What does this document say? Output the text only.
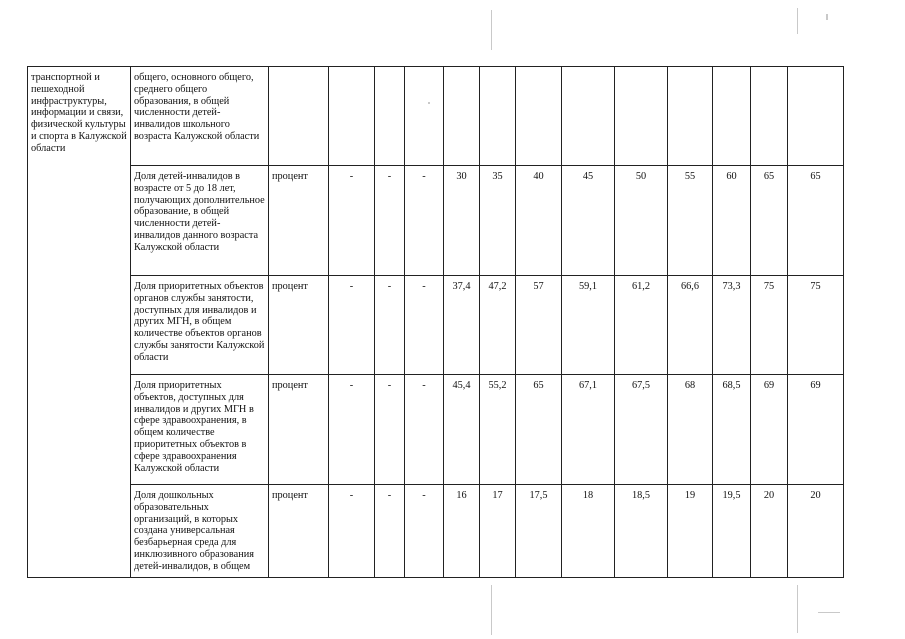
транспортной и пешеходной инфраструктуры, информации и связи, физической культуры и спорта в Калужской области	общего, основного общего, среднего общего образования, в общей численности детей-инвалидов школьного возраста Калужской области													
	Доля детей-инвалидов в возрасте от 5 до 18 лет, получающих дополнительное образование, в общей численности детей-инвалидов данного возраста Калужской области	процент	-	-	-	30	35	40	45	50	55	60	65	65
	Доля приоритетных объектов органов службы занятости, доступных для инвалидов и других МГН, в общем количестве объектов органов службы занятости Калужской области	процент	-	-	-	37,4	47,2	57	59,1	61,2	66,6	73,3	75	75
	Доля приоритетных объектов, доступных для инвалидов и других МГН в сфере здравоохранения, в общем количестве приоритетных объектов в сфере здравоохранения Калужской области	процент	-	-	-	45,4	55,2	65	67,1	67,5	68	68,5	69	69
	Доля дошкольных образовательных организаций, в которых создана универсальная безбарьерная среда для инклюзивного образования детей-инвалидов, в общем	процент	-	-	-	16	17	17,5	18	18,5	19	19,5	20	20
